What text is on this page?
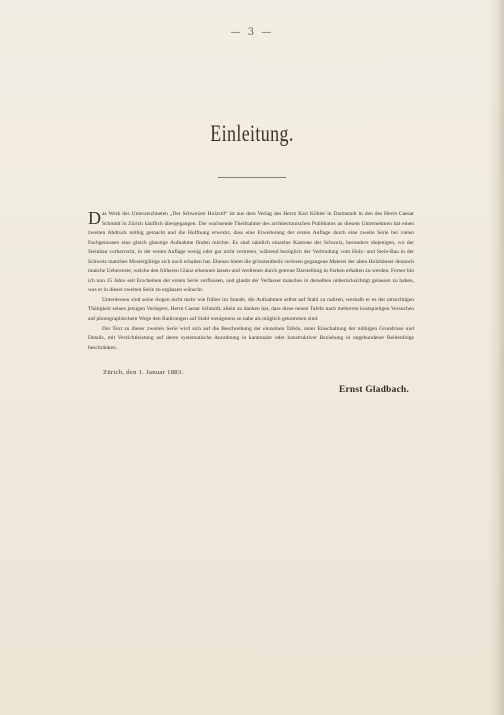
— 3 —
Einleitung.

Das Werk des Unterzeichneten „Der Schweizer Holzstil“ ist aus dem Verlag des Herrn Karl Köhler in Darmstadt in den des Herrn Caesar Schmidt in Zürich käuflich übergegangen. Die wachsende Theilnahme des architectonischen Publikums an diesem Unternehmen hat einen zweiten Abdruck nöthig gemacht und die Hoffnung erweckt, dass eine Erweiterung der ersten Auflage durch eine zweite Serie bei vielen Fachgenossen eine gleich günstige Aufnahme finden möchte. Es sind nämlich einzelne Kantone der Schweiz, besonders diejenigen, wo der Steinbau vorherrscht, in der ersten Auflage wenig oder gar nicht vertreten, während bezüglich der Verbindung vom Holz- und Stein-Bau in der Schweiz manches Mustergültige sich noch erhalten hat. Ebenso bietet die grösstentheils verloren gegangene Malerei der alten Holzhäuser dennoch manche Ueberreste, welche den früheren Glanz erkennen lassen und verdienen durch getreue Darstellung in Farben erhalten zu werden. Ferner bin ich nun 15 Jahre seit Erscheinen der ersten Serie verflossen, und glaubt der Verfasser manches in derselben unberücksichtigt gelassen zu haben, was er in dieser zweiten Serie zu ergänzen wünscht.

Unterdessen sind seine Augen nicht mehr wie früher im Stande, die Aufnahmen selbst auf Stahl zu radiren, weshalb er es der umsichtigen Thätigkeit seines jetzigen Verlegers, Herrn Caesar Schmidt, allein zu danken hat, dass diese neuen Tafeln nach mehreren kostspieligen Versuchen auf photographischem Wege den Radirungen auf Stahl wenigstens so nahe als möglich gekommen sind.

Der Text zu dieser zweiten Serie wird sich auf die Beschreibung der einzelnen Tafeln, unter Einschaltung der nöthigen Grundrisse und Details, mit Verzichtleistung auf deren systematische Anordnung in kantonaler oder konstruktiver Beziehung in ungebundener Reihenfolge beschränken.

Zürich, den 1. Januar 1883.
Ernst Gladbach.
